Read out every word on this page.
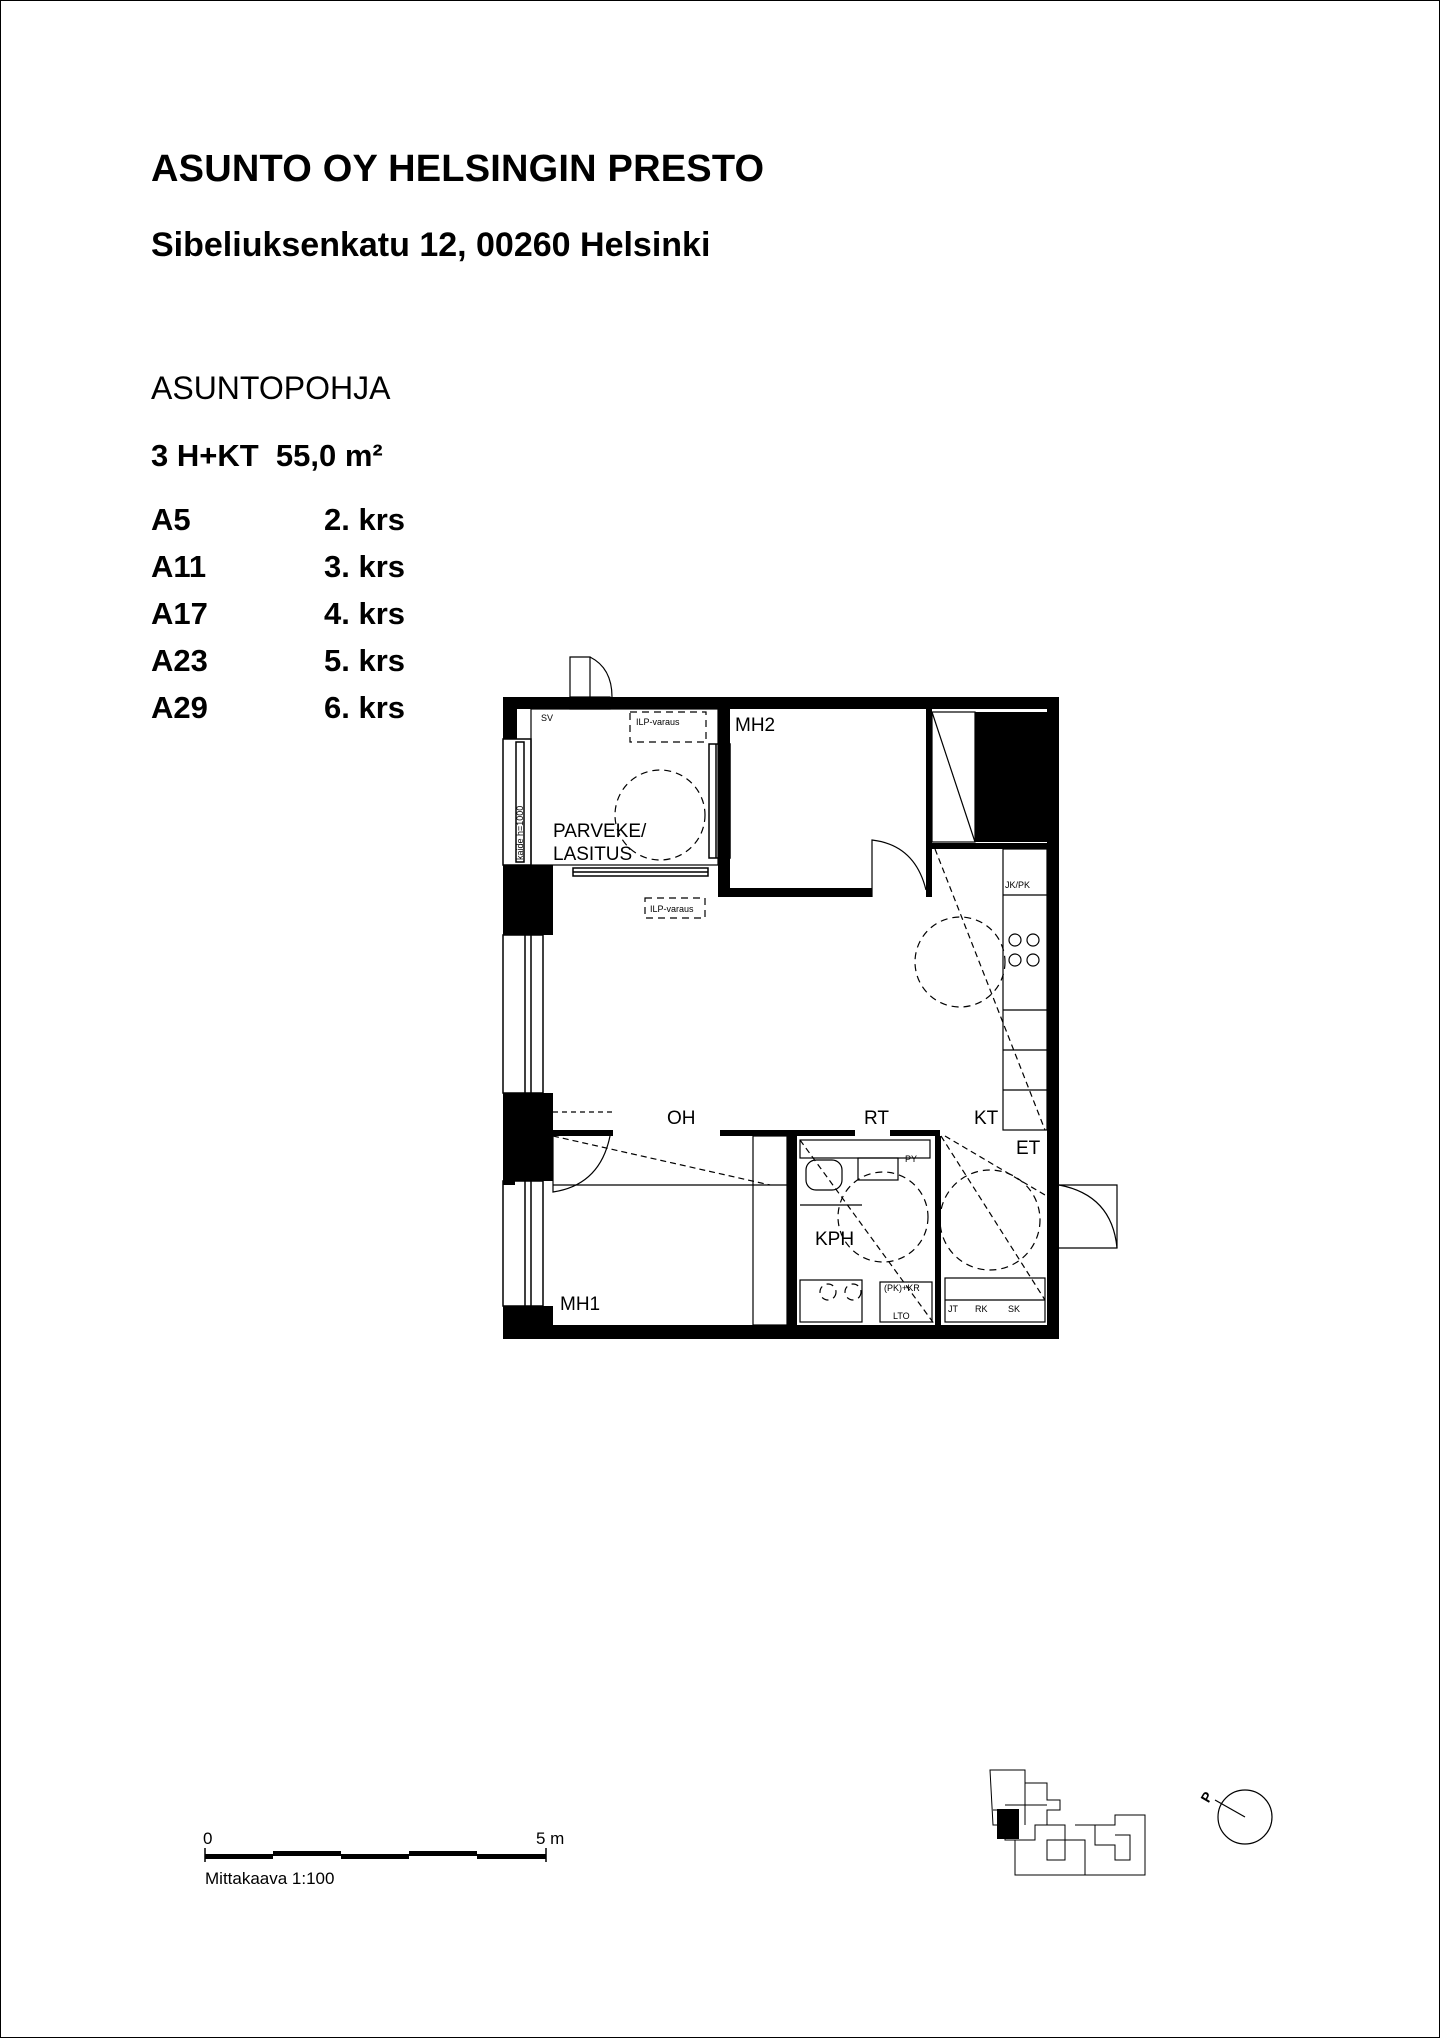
ASUNTO OY HELSINGIN PRESTO
Sibeliuksenkatu 12, 00260 Helsinki
ASUNTOPOHJA
3 H+KT 55,0 m²
A5	2. krs
A11	3. krs
A17	4. krs
A23	5. krs
A29	6. krs
PARVEKE/
LASITUS
MH2
OH	RT	KT
ET
KPH
MH1
SV
VT
ILP-varaus
ILP-varaus
kaide h=1000
JK/PK
PY
(PK)+KR
LTO
JT RK SK
0	5 m
Mittakaava 1:100
P
